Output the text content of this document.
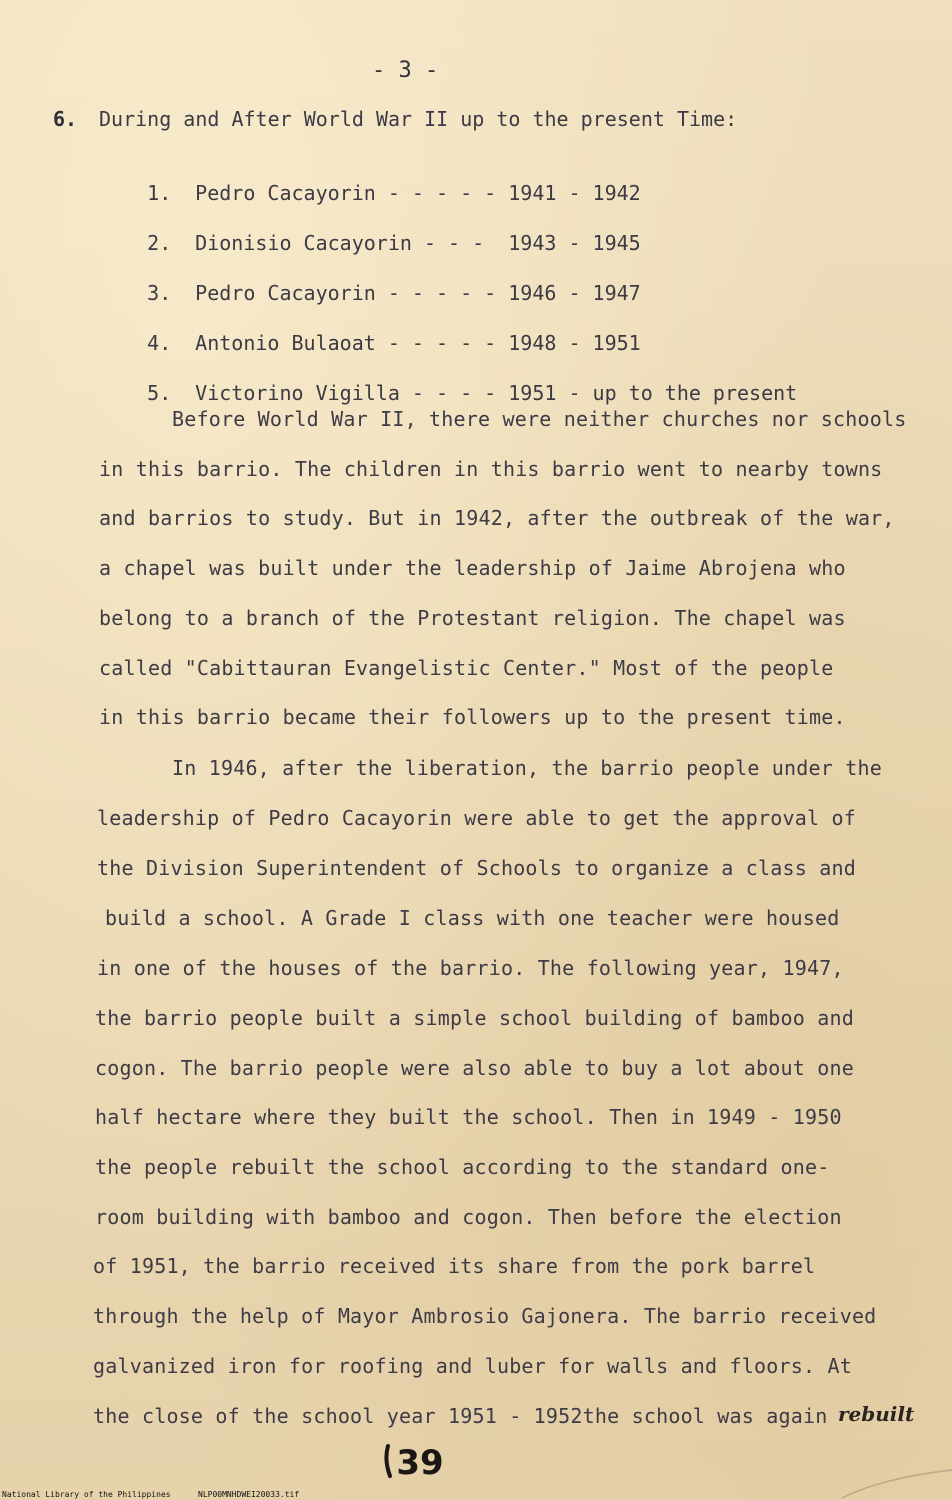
- 3 -
6. During and After World War II up to the present Time:

1. Pedro Cacayorin - - - - - 1941 - 1942

2. Dionisio Cacayorin - - -  1943 - 1945

3. Pedro Cacayorin - - - - - 1946 - 1947

4. Antonio Bulaoat - - - - - 1948 - 1951

5. Victorino Vigilla - - - - 1951 - up to the present

Before World War II, there were neither churches nor schools
in this barrio. The children in this barrio went to nearby towns
and barrios to study. But in 1942, after the outbreak of the war,
a chapel was built under the leadership of Jaime Abrojena who
belong to a branch of the Protestant religion. The chapel was
called "Cabittauran Evangelistic Center." Most of the people
in this barrio became their followers up to the present time.
In 1946, after the liberation, the barrio people under the
leadership of Pedro Cacayorin were able to get the approval of
the Division Superintendent of Schools to organize a class and
build a school. A Grade I class with one teacher were housed
in one of the houses of the barrio. The following year, 1947,
the barrio people built a simple school building of bamboo and
cogon. The barrio people were also able to buy a lot about one
half hectare where they built the school. Then in 1949 - 1950
the people rebuilt the school according to the standard one-
room building with bamboo and cogon. Then before the election
of 1951, the barrio received its share from the pork barrel
through the help of Mayor Ambrosio Gajonera. The barrio received
galvanized iron for roofing and luber for walls and floors. At
the close of the school year 1951 - 1952the school was again rebuilt
39
National Library of the Philippines	NLP00MNHDWEI20033.tif
